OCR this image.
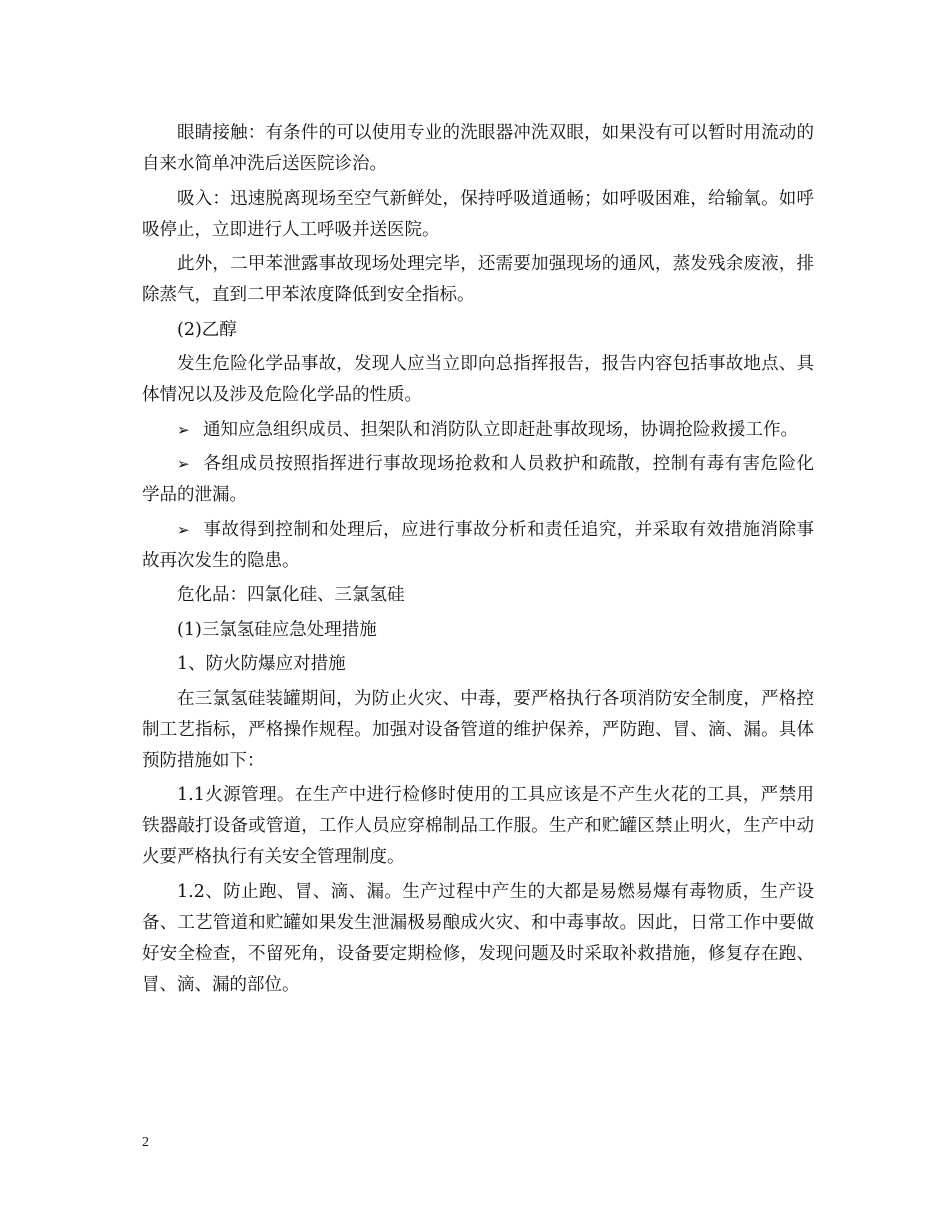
眼睛接触：有条件的可以使用专业的洗眼器冲洗双眼，如果没有可以暂时用流动的自来水简单冲洗后送医院诊治。

吸入：迅速脱离现场至空气新鲜处，保持呼吸道通畅；如呼吸困难，给输氧。如呼吸停止，立即进行人工呼吸并送医院。

此外，二甲苯泄露事故现场处理完毕，还需要加强现场的通风，蒸发残余废液，排除蒸气，直到二甲苯浓度降低到安全指标。

(2)乙醇

发生危险化学品事故，发现人应当立即向总指挥报告，报告内容包括事故地点、具体情况以及涉及危险化学品的性质。

➢ 通知应急组织成员、担架队和消防队立即赶赴事故现场，协调抢险救援工作。

➢ 各组成员按照指挥进行事故现场抢救和人员救护和疏散，控制有毒有害危险化学品的泄漏。

➢ 事故得到控制和处理后，应进行事故分析和责任追究，并采取有效措施消除事故再次发生的隐患。

危化品：四氯化硅、三氯氢硅

(1)三氯氢硅应急处理措施

1、防火防爆应对措施

在三氯氢硅装罐期间，为防止火灾、中毒，要严格执行各项消防安全制度，严格控制工艺指标，严格操作规程。加强对设备管道的维护保养，严防跑、冒、滴、漏。具体预防措施如下：

1.1火源管理。在生产中进行检修时使用的工具应该是不产生火花的工具，严禁用铁器敲打设备或管道，工作人员应穿棉制品工作服。生产和贮罐区禁止明火，生产中动火要严格执行有关安全管理制度。

1.2、防止跑、冒、滴、漏。生产过程中产生的大都是易燃易爆有毒物质，生产设备、工艺管道和贮罐如果发生泄漏极易酿成火灾、和中毒事故。因此，日常工作中要做好安全检查，不留死角，设备要定期检修，发现问题及时采取补救措施，修复存在跑、冒、滴、漏的部位。

2
